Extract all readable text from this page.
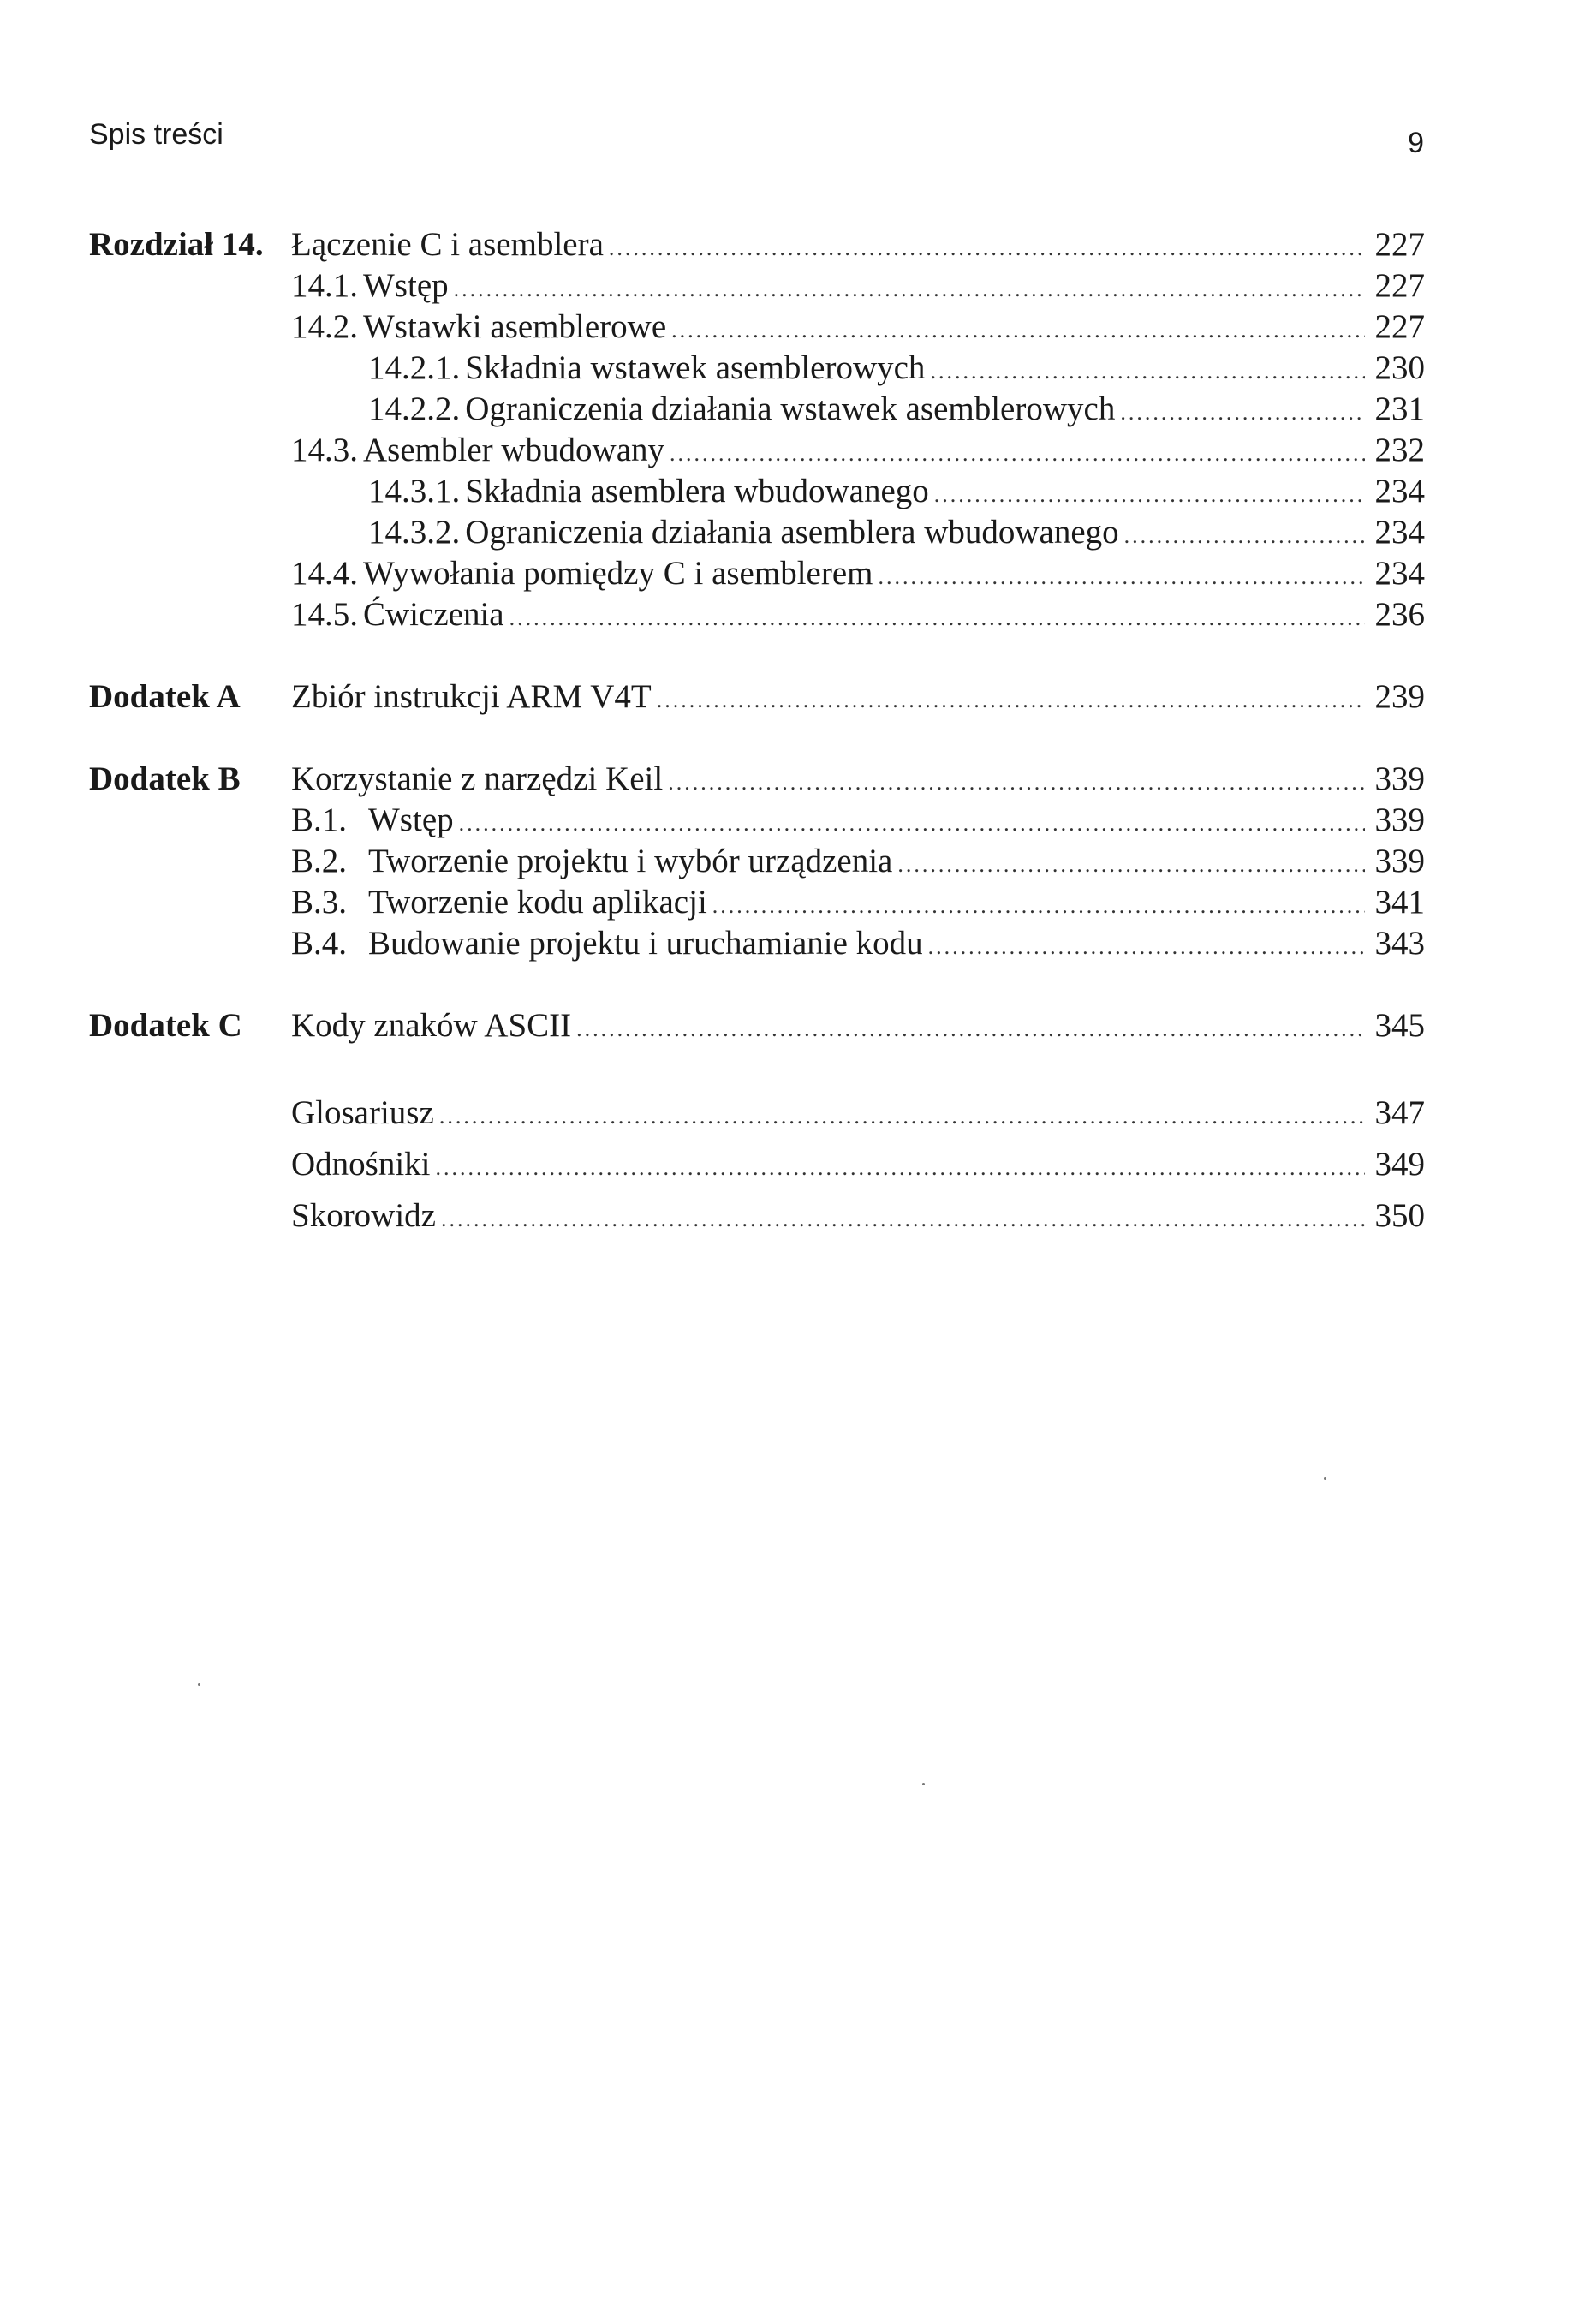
Spis treści	9
Rozdział 14. Łączenie C i asemblera .....	227
14.1. Wstęp .....	227
14.2. Wstawki asemblerowe .....	227
14.2.1. Składnia wstawek asemblerowych .....	230
14.2.2. Ograniczenia działania wstawek asemblerowych .....	231
14.3. Asembler wbudowany .....	232
14.3.1. Składnia asemblera wbudowanego .....	234
14.3.2. Ograniczenia działania asemblera wbudowanego .....	234
14.4. Wywołania pomiędzy C i asemblerem .....	234
14.5. Ćwiczenia .....	236
Dodatek A	Zbiór instrukcji ARM V4T .....	239
Dodatek B	Korzystanie z narzędzi Keil .....	339
B.1. Wstęp .....	339
B.2. Tworzenie projektu i wybór urządzenia .....	339
B.3. Tworzenie kodu aplikacji .....	341
B.4. Budowanie projektu i uruchamianie kodu .....	343
Dodatek C	Kody znaków ASCII .....	345
Glosariusz .....	347
Odnośniki .....	349
Skorowidz .....	350
